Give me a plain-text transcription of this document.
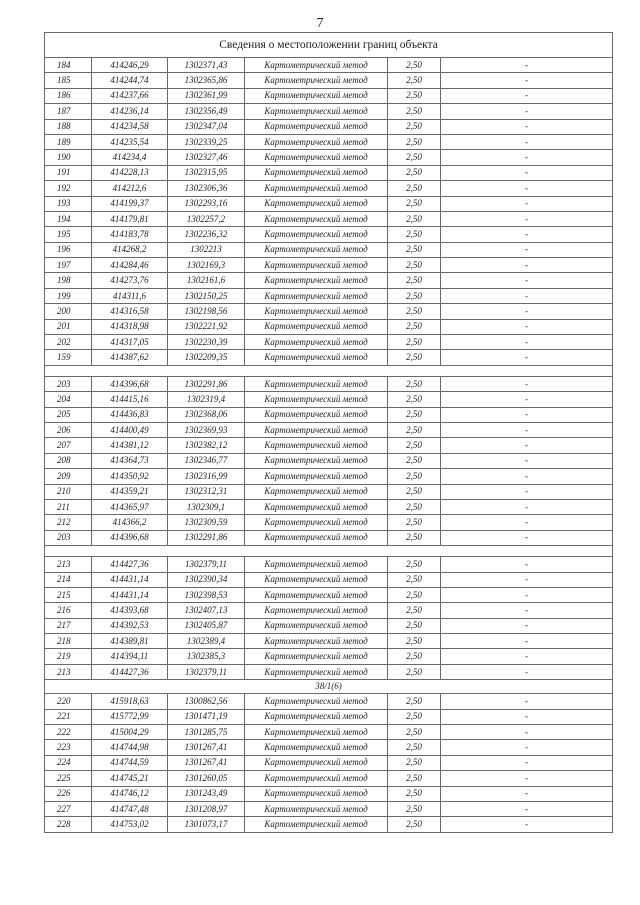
7
Сведения о местоположении границ объекта					
184	414246,29	1302371,43	Картометрический метод	2,50	-
185	414244,74	1302365,86	Картометрический метод	2,50	-
186	414237,66	1302361,99	Картометрический метод	2,50	-
187	414236,14	1302356,49	Картометрический метод	2,50	-
188	414234,58	1302347,04	Картометрический метод	2,50	-
189	414235,54	1302339,25	Картометрический метод	2,50	-
190	414234,4	1302327,46	Картометрический метод	2,50	-
191	414228,13	1302315,95	Картометрический метод	2,50	-
192	414212,6	1302306,36	Картометрический метод	2,50	-
193	414199,37	1302293,16	Картометрический метод	2,50	-
194	414179,81	1302257,2	Картометрический метод	2,50	-
195	414183,78	1302236,32	Картометрический метод	2,50	-
196	414268,2	1302213	Картометрический метод	2,50	-
197	414284,46	1302169,3	Картометрический метод	2,50	-
198	414273,76	1302161,6	Картометрический метод	2,50	-
199	414311,6	1302150,25	Картометрический метод	2,50	-
200	414316,58	1302198,56	Картометрический метод	2,50	-
201	414318,98	1302221,92	Картометрический метод	2,50	-
202	414317,05	1302230,39	Картометрический метод	2,50	-
159	414387,62	1302209,35	Картометрический метод	2,50	-

203	414396,68	1302291,86	Картометрический метод	2,50	-
204	414415,16	1302319,4	Картометрический метод	2,50	-
205	414436,83	1302368,06	Картометрический метод	2,50	-
206	414400,49	1302369,93	Картометрический метод	2,50	-
207	414381,12	1302382,12	Картометрический метод	2,50	-
208	414364,73	1302346,77	Картометрический метод	2,50	-
209	414350,92	1302316,99	Картометрический метод	2,50	-
210	414359,21	1302312,31	Картометрический метод	2,50	-
211	414365,97	1302309,1	Картометрический метод	2,50	-
212	414366,2	1302309,59	Картометрический метод	2,50	-
203	414396,68	1302291,86	Картометрический метод	2,50	-

213	414427,36	1302379,11	Картометрический метод	2,50	-
214	414431,14	1302390,34	Картометрический метод	2,50	-
215	414431,14	1302398,53	Картометрический метод	2,50	-
216	414393,68	1302407,13	Картометрический метод	2,50	-
217	414392,53	1302405,87	Картометрический метод	2,50	-
218	414389,81	1302389,4	Картометрический метод	2,50	-
219	414394,11	1302385,3	Картометрический метод	2,50	-
213	414427,36	1302379,11	Картометрический метод	2,50	-
38/1(6)					
220	415918,63	1300862,56	Картометрический метод	2,50	-
221	415772,99	1301471,19	Картометрический метод	2,50	-
222	415004,29	1301285,75	Картометрический метод	2,50	-
223	414744,98	1301267,41	Картометрический метод	2,50	-
224	414744,59	1301267,41	Картометрический метод	2,50	-
225	414745,21	1301260,05	Картометрический метод	2,50	-
226	414746,12	1301243,49	Картометрический метод	2,50	-
227	414747,48	1301208,97	Картометрический метод	2,50	-
228	414753,02	1301073,17	Картометрический метод	2,50	-
